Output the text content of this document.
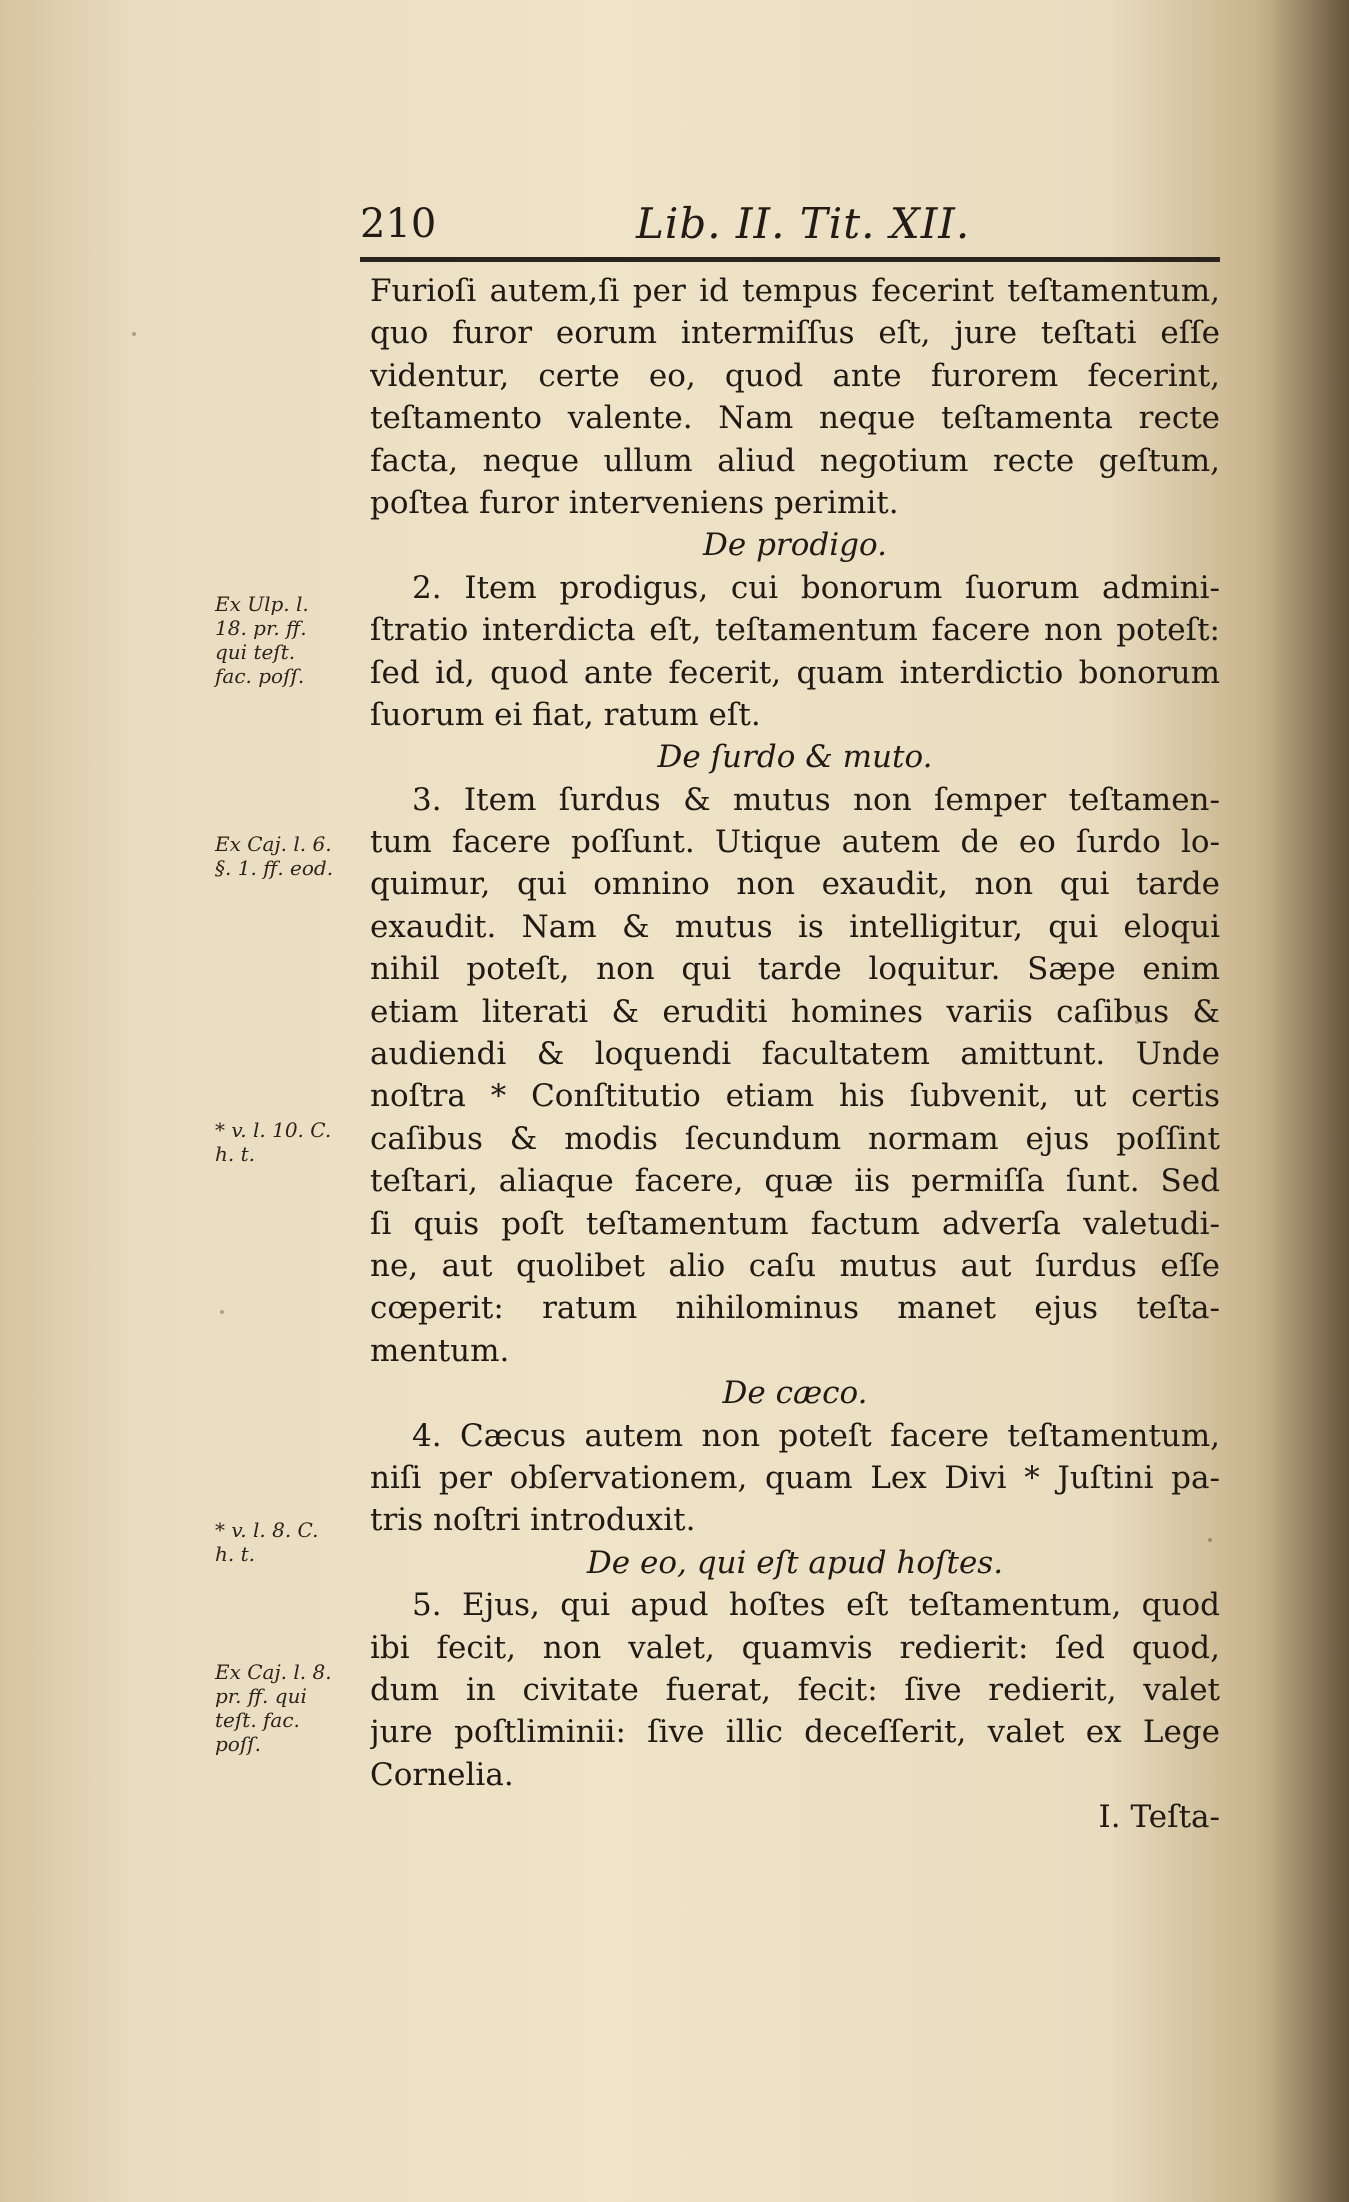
210	Lib. II. Tit. XII.
Furioſi autem,ſi per id tempus fecerint teſtamentum,
quo furor eorum intermiſſus eſt, jure teſtati eſſe
videntur, certe eo, quod ante furorem fecerint,
teſtamento valente. Nam neque teſtamenta recte
facta, neque ullum aliud negotium recte geſtum,
poſtea furor interveniens perimit.
De prodigo.
2. Item prodigus, cui bonorum ſuorum admini-
ſtratio interdicta eſt, teſtamentum facere non poteſt:
ſed id, quod ante fecerit, quam interdictio bonorum
ſuorum ei fiat, ratum eſt.
De ſurdo & muto.
3. Item ſurdus & mutus non ſemper teſtamen-
tum facere poſſunt. Utique autem de eo ſurdo lo-
quimur, qui omnino non exaudit, non qui tarde
exaudit. Nam & mutus is intelligitur, qui eloqui
nihil poteſt, non qui tarde loquitur. Sæpe enim
etiam literati & eruditi homines variis caſibus &
audiendi & loquendi facultatem amittunt. Unde
noſtra * Conſtitutio etiam his ſubvenit, ut certis
caſibus & modis ſecundum normam ejus poſſint
teſtari, aliaque facere, quæ iis permiſſa ſunt. Sed
ſi quis poſt teſtamentum factum adverſa valetudi-
ne, aut quolibet alio caſu mutus aut ſurdus eſſe
cœperit: ratum nihilominus manet ejus teſta-
mentum.
De cæco.
4. Cæcus autem non poteſt facere teſtamentum,
niſi per obſervationem, quam Lex Divi * Juſtini pa-
tris noſtri introduxit.
De eo, qui eſt apud hoſtes.
5. Ejus, qui apud hoſtes eſt teſtamentum, quod
ibi fecit, non valet, quamvis redierit: ſed quod,
dum in civitate fuerat, fecit: ſive redierit, valet
jure poſtliminii: ſive illic deceſſerit, valet ex Lege
Cornelia.
I. Teſta-
Ex Ulp. l.
18. pr. ff.
qui teſt.
fac. poſſ.
Ex Caj. l. 6.
§. 1. ff. eod.
* v. l. 10. C.
h. t.
* v. l. 8. C.
h. t.
Ex Caj. l. 8.
pr. ff. qui
teſt. fac.
poſſ.
